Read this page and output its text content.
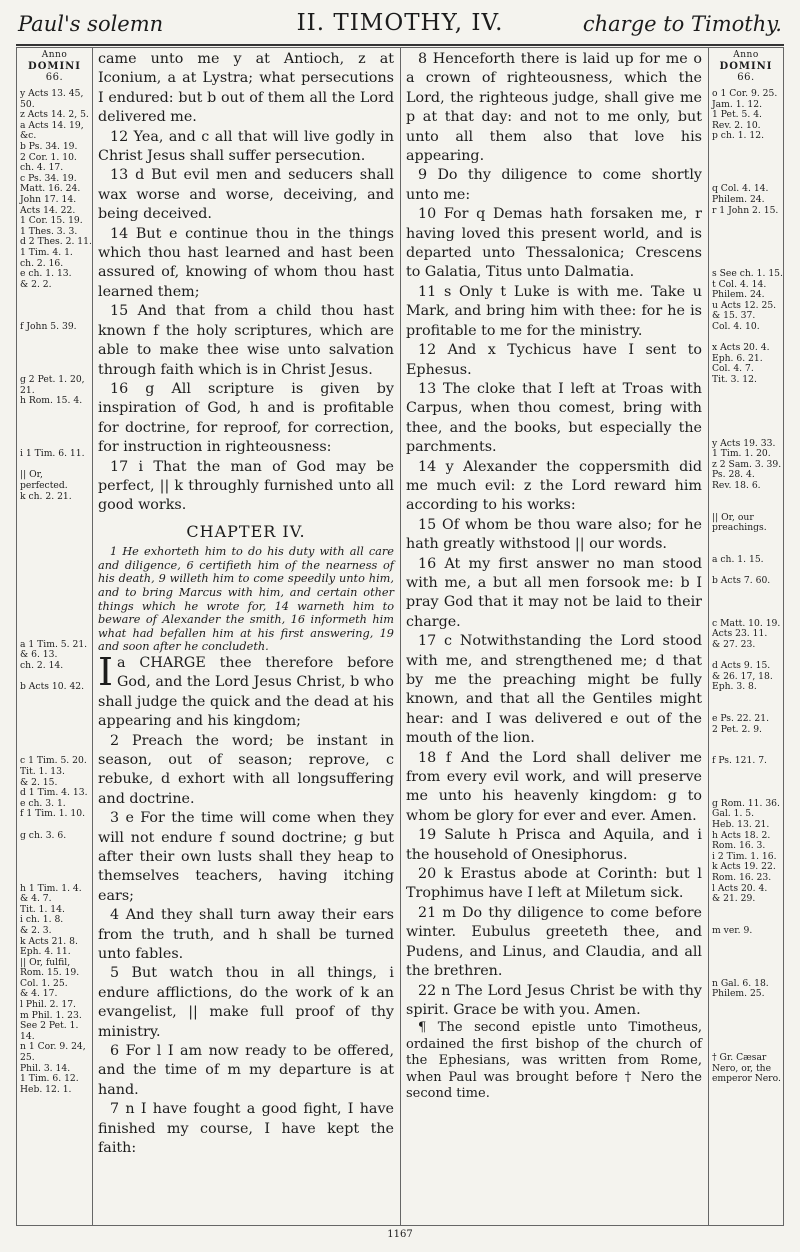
Paul's solemn	II. TIMOTHY, IV.	charge to Timothy.
Anno
DOMINI
66.
y Acts 13. 45, 50.
z Acts 14. 2, 5.
a Acts 14. 19, &c.
b Ps. 34. 19.
2 Cor. 1. 10.
ch. 4. 17.
c Ps. 34. 19.
Matt. 16. 24.
John 17. 14.
Acts 14. 22.
1 Cor. 15. 19.
1 Thes. 3. 3.
d 2 Thes. 2. 11.
1 Tim. 4. 1.
ch. 2. 16.
e ch. 1. 13.
& 2. 2.

f John 5. 39.

g 2 Pet. 1. 20, 21.
h Rom. 15. 4.

i 1 Tim. 6. 11.

|| Or, perfected.
k ch. 2. 21.

a 1 Tim. 5. 21.
& 6. 13.
ch. 2. 14.

b Acts 10. 42.

c 1 Tim. 5. 20.
Tit. 1. 13.
& 2. 15.
d 1 Tim. 4. 13.
e ch. 3. 1.
f 1 Tim. 1. 10.

g ch. 3. 6.

h 1 Tim. 1. 4.
& 4. 7.
Tit. 1. 14.
i ch. 1. 8.
& 2. 3.
k Acts 21. 8.
Eph. 4. 11.
|| Or, fulfil,
Rom. 15. 19.
Col. 1. 25.
& 4. 17.
l Phil. 2. 17.
m Phil. 1. 23.
See 2 Pet. 1. 14.
n 1 Cor. 9. 24, 25.
Phil. 3. 14.
1 Tim. 6. 12.
Heb. 12. 1.
Anno
DOMINI
66.
o 1 Cor. 9. 25.
Jam. 1. 12.
1 Pet. 5. 4.
Rev. 2. 10.
p ch. 1. 12.

q Col. 4. 14.
Philem. 24.
r 1 John 2. 15.

s See ch. 1. 15.
t Col. 4. 14.
Philem. 24.
u Acts 12. 25.
& 15. 37.
Col. 4. 10.

x Acts 20. 4.
Eph. 6. 21.
Col. 4. 7.
Tit. 3. 12.

y Acts 19. 33.
1 Tim. 1. 20.
z 2 Sam. 3. 39.
Ps. 28. 4.
Rev. 18. 6.

|| Or, our preachings.

a ch. 1. 15.

b Acts 7. 60.

c Matt. 10. 19.
Acts 23. 11.
& 27. 23.

d Acts 9. 15.
& 26. 17, 18.
Eph. 3. 8.

e Ps. 22. 21.
2 Pet. 2. 9.

f Ps. 121. 7.

g Rom. 11. 36.
Gal. 1. 5.
Heb. 13. 21.
h Acts 18. 2.
Rom. 16. 3.
i 2 Tim. 1. 16.
k Acts 19. 22.
Rom. 16. 23.
l Acts 20. 4.
& 21. 29.

m ver. 9.

n Gal. 6. 18.
Philem. 25.

† Gr. Cæsar Nero, or, the emperor Nero.

came unto me y at Antioch, z at Iconium, a at Lystra; what persecutions I endured: but b out of them all the Lord delivered me.

12 Yea, and c all that will live godly in Christ Jesus shall suffer persecution.

13 d But evil men and seducers shall wax worse and worse, deceiving, and being deceived.

14 But e continue thou in the things which thou hast learned and hast been assured of, knowing of whom thou hast learned them;

15 And that from a child thou hast known f the holy scriptures, which are able to make thee wise unto salvation through faith which is in Christ Jesus.

16 g All scripture is given by inspiration of God, h and is profitable for doctrine, for reproof, for correction, for instruction in righteousness:

17 i That the man of God may be perfect, || k throughly furnished unto all good works.

CHAPTER IV.

1 He exhorteth him to do his duty with all care and diligence, 6 certifieth him of the nearness of his death, 9 willeth him to come speedily unto him, and to bring Marcus with him, and certain other things which he wrote for, 14 warneth him to beware of Alexander the smith, 16 informeth him what had befallen him at his first answering, 19 and soon after he concludeth.

I a CHARGE thee therefore before God, and the Lord Jesus Christ, b who shall judge the quick and the dead at his appearing and his kingdom;

2 Preach the word; be instant in season, out of season; reprove, c rebuke, d exhort with all longsuffering and doctrine.

3 e For the time will come when they will not endure f sound doctrine; g but after their own lusts shall they heap to themselves teachers, having itching ears;

4 And they shall turn away their ears from the truth, and h shall be turned unto fables.

5 But watch thou in all things, i endure afflictions, do the work of k an evangelist, || make full proof of thy ministry.

6 For l I am now ready to be offered, and the time of m my departure is at hand.

7 n I have fought a good fight, I have finished my course, I have kept the faith:

8 Henceforth there is laid up for me o a crown of righteousness, which the Lord, the righteous judge, shall give me p at that day: and not to me only, but unto all them also that love his appearing.

9 Do thy diligence to come shortly unto me:

10 For q Demas hath forsaken me, r having loved this present world, and is departed unto Thessalonica; Crescens to Galatia, Titus unto Dalmatia.

11 s Only t Luke is with me. Take u Mark, and bring him with thee: for he is profitable to me for the ministry.

12 And x Tychicus have I sent to Ephesus.

13 The cloke that I left at Troas with Carpus, when thou comest, bring with thee, and the books, but especially the parchments.

14 y Alexander the coppersmith did me much evil: z the Lord reward him according to his works:

15 Of whom be thou ware also; for he hath greatly withstood || our words.

16 At my first answer no man stood with me, a but all men forsook me: b I pray God that it may not be laid to their charge.

17 c Notwithstanding the Lord stood with me, and strengthened me; d that by me the preaching might be fully known, and that all the Gentiles might hear: and I was delivered e out of the mouth of the lion.

18 f And the Lord shall deliver me from every evil work, and will preserve me unto his heavenly kingdom: g to whom be glory for ever and ever. Amen.

19 Salute h Prisca and Aquila, and i the household of Onesiphorus.

20 k Erastus abode at Corinth: but l Trophimus have I left at Miletum sick.

21 m Do thy diligence to come before winter. Eubulus greeteth thee, and Pudens, and Linus, and Claudia, and all the brethren.

22 n The Lord Jesus Christ be with thy spirit. Grace be with you. Amen.

¶ The second epistle unto Timotheus, ordained the first bishop of the church of the Ephesians, was written from Rome, when Paul was brought before † Nero the second time.

1167
